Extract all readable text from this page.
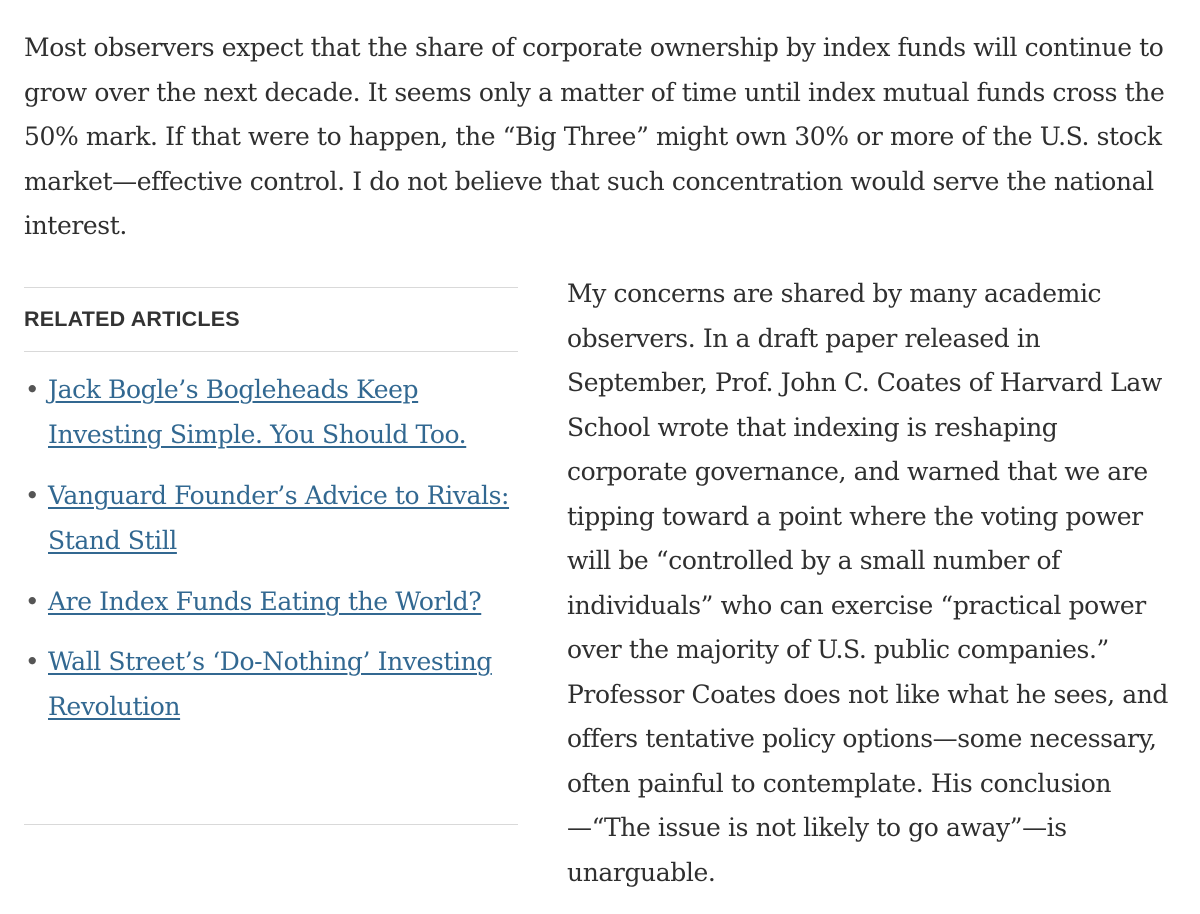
Most observers expect that the share of corporate ownership by index funds will continue to grow over the next decade. It seems only a matter of time until index mutual funds cross the 50% mark. If that were to happen, the “Big Three” might own 30% or more of the U.S. stock market—effective control. I do not believe that such concentration would serve the national interest.

RELATED ARTICLES
• Jack Bogle’s Bogleheads Keep Investing Simple. You Should Too.
• Vanguard Founder’s Advice to Rivals: Stand Still
• Are Index Funds Eating the World?
• Wall Street’s ‘Do-Nothing’ Investing Revolution

My concerns are shared by many academic observers. In a draft paper released in September, Prof. John C. Coates of Harvard Law School wrote that indexing is reshaping corporate governance, and warned that we are tipping toward a point where the voting power will be “controlled by a small number of individuals” who can exercise “practical power over the majority of U.S. public companies.” Professor Coates does not like what he sees, and offers tentative policy options—some necessary, often painful to contemplate. His conclusion—“The issue is not likely to go away”—is unarguable.
